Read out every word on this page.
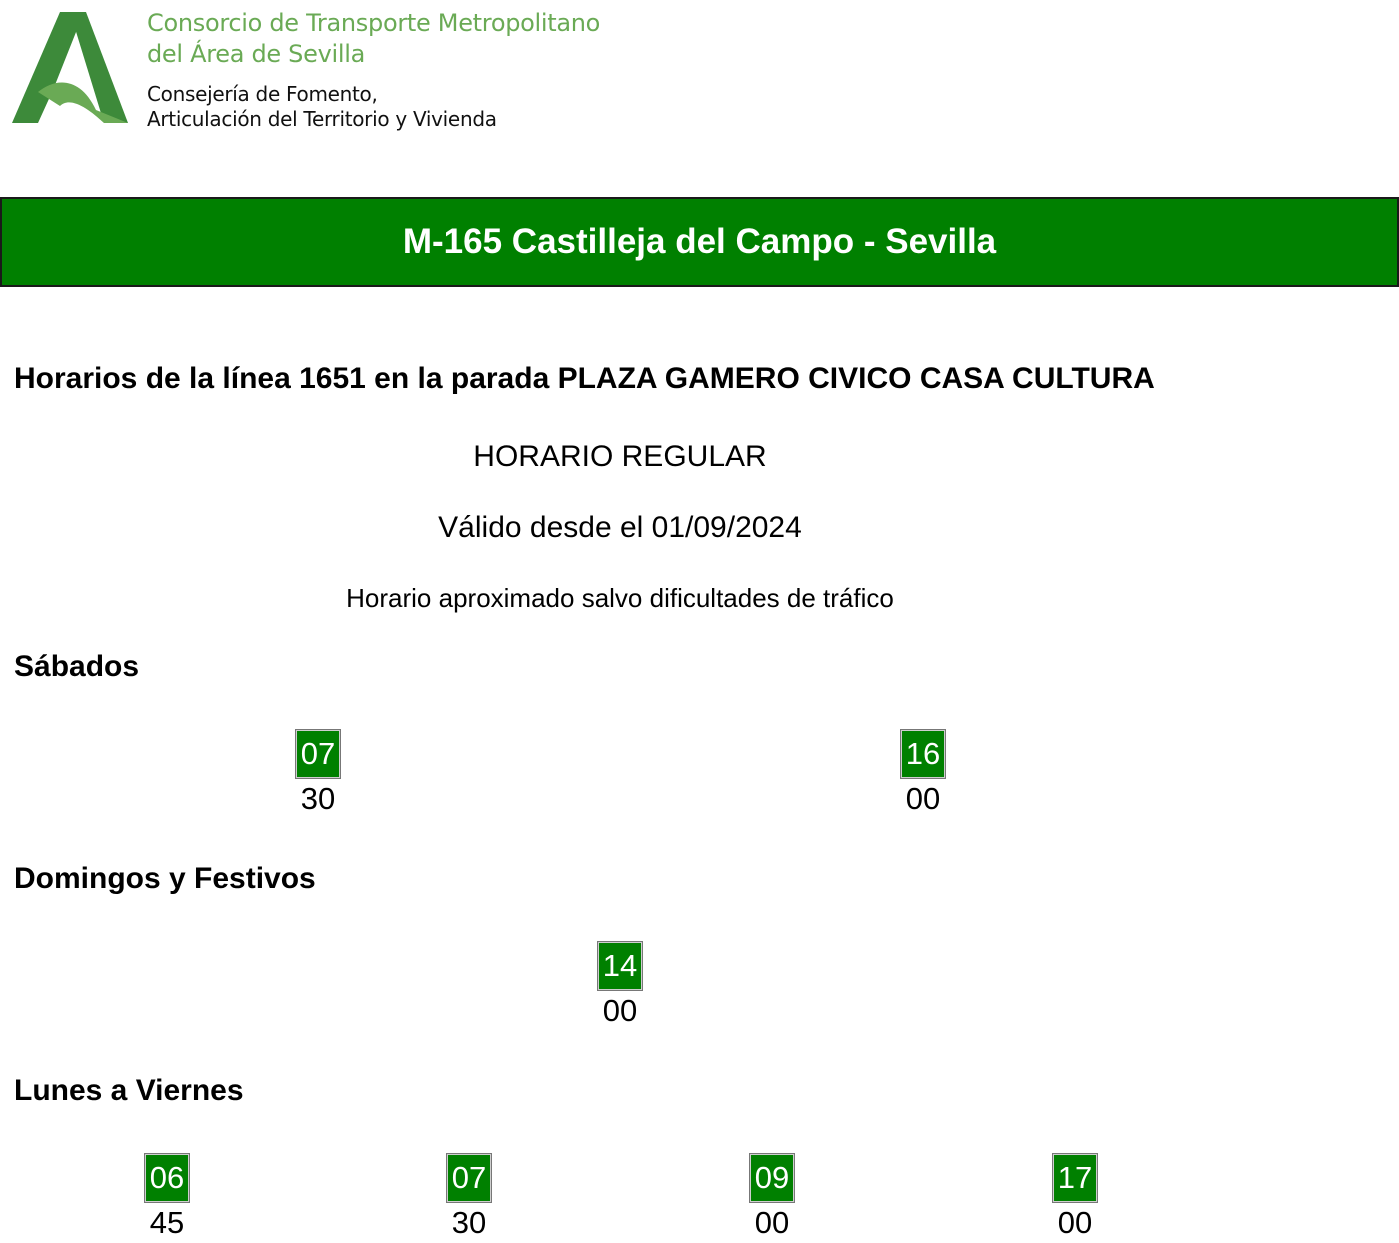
Consorcio de Transporte Metropolitano
del Área de Sevilla
Consejería de Fomento,
Articulación del Territorio y Vivienda
M-165 Castilleja del Campo - Sevilla
Horarios de la línea 1651 en la parada PLAZA GAMERO CIVICO CASA CULTURA
HORARIO REGULAR
Válido desde el 01/09/2024
Horario aproximado salvo dificultades de tráfico
Sábados
07
30
16
00
Domingos y Festivos
14
00
Lunes a Viernes
06
45
07
30
09
00
17
00
